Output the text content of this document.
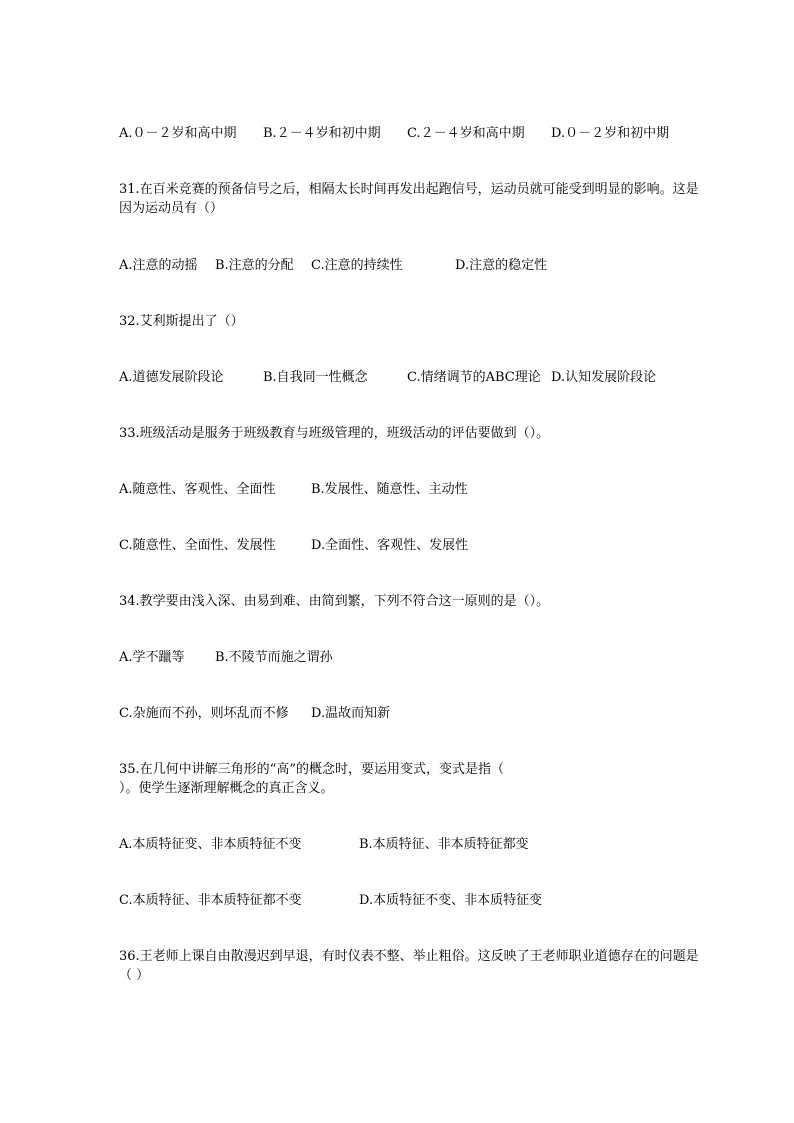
A.０－２岁和高中期 B.２－４岁和初中期 C.２－４岁和高中期 D.０－２岁和初中期
31.在百米竞赛的预备信号之后，相隔太长时间再发出起跑信号，运动员就可能受到明显的影响。这是
因为运动员有（）
A.注意的动摇 B.注意的分配 C.注意的持续性	D.注意的稳定性
32.艾利斯提出了（）
A.道德发展阶段论	B.自我同一性概念	C.情绪调节的ABC理论 D.认知发展阶段论
33.班级活动是服务于班级教育与班级管理的，班级活动的评估要做到（）。
A.随意性、客观性、全面性	B.发展性、随意性、主动性
C.随意性、全面性、发展性	D.全面性、客观性、发展性
34.教学要由浅入深、由易到难、由简到繁，下列不符合这一原则的是（）。
A.学不躐等 B.不陵节而施之谓孙
C.杂施而不孙，则坏乱而不修 D.温故而知新
35.在几何中讲解三角形的“高”的概念时，要运用变式，变式是指（
）。使学生逐渐理解概念的真正含义。
A.本质特征变、非本质特征不变	B.本质特征、非本质特征都变
C.本质特征、非本质特征都不变	D.本质特征不变、非本质特征变
36.王老师上课自由散漫迟到早退，有时仪表不整、举止粗俗。这反映了王老师职业道德存在的问题是
（ ）
